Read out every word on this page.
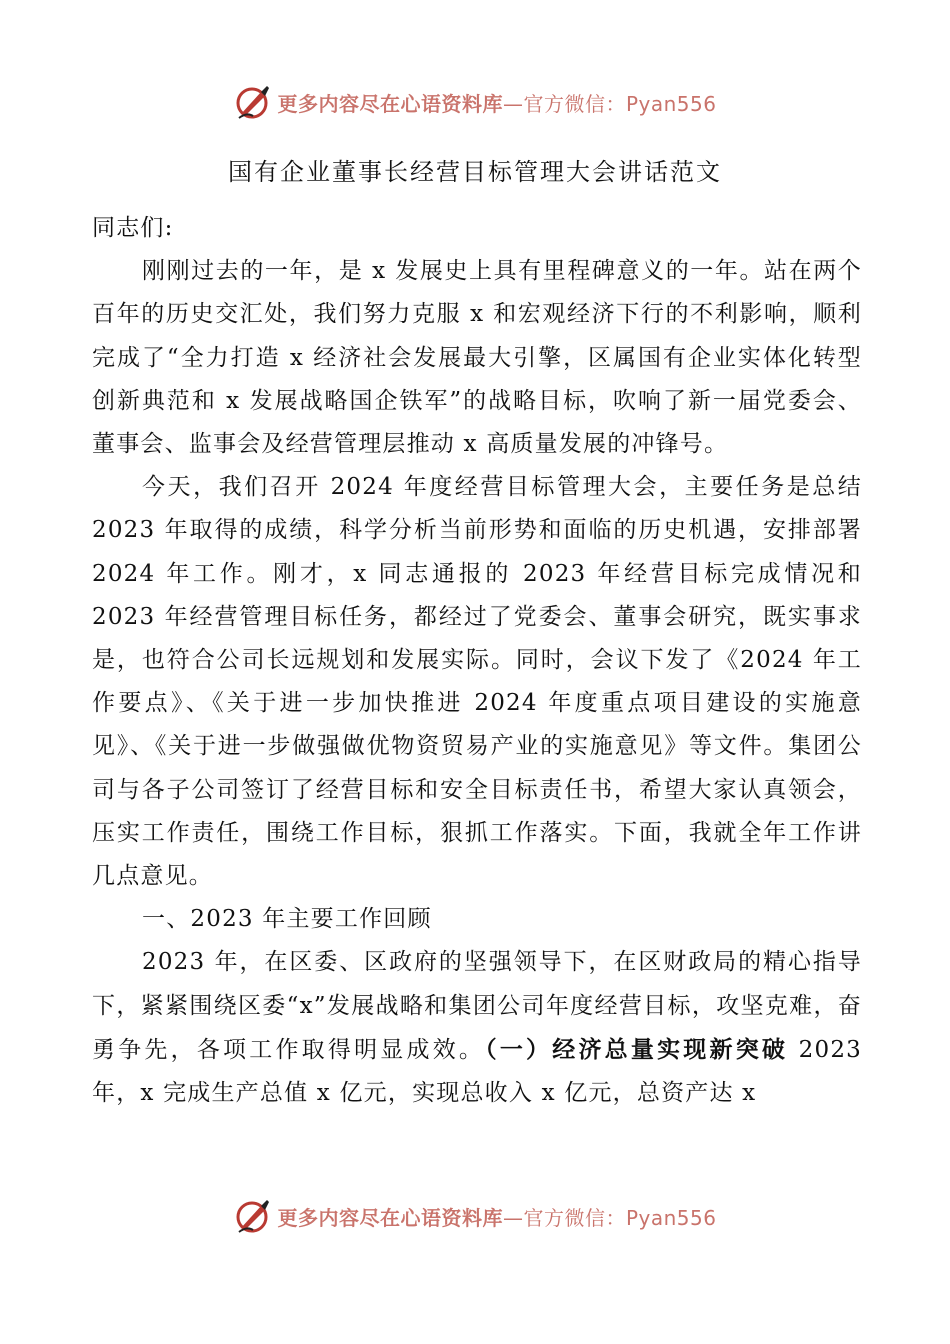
更多内容尽在心语资料库—官方微信：Pyan556
国有企业董事长经营目标管理大会讲话范文

同志们:

刚刚过去的一年，是 x 发展史上具有里程碑意义的一年。站在两个百年的历史交汇处，我们努力克服 x 和宏观经济下行的不利影响，顺利完成了“全力打造 x 经济社会发展最大引擎，区属国有企业实体化转型创新典范和 x 发展战略国企铁军”的战略目标，吹响了新一届党委会、董事会、监事会及经营管理层推动 x 高质量发展的冲锋号。

今天，我们召开 2024 年度经营目标管理大会，主要任务是总结 2023 年取得的成绩，科学分析当前形势和面临的历史机遇，安排部署 2024 年工作。刚才，x 同志通报的 2023 年经营目标完成情况和 2023 年经营管理目标任务，都经过了党委会、董事会研究，既实事求是，也符合公司长远规划和发展实际。同时，会议下发了《2024 年工作要点》、《关于进一步加快推进 2024 年度重点项目建设的实施意见》、《关于进一步做强做优物资贸易产业的实施意见》等文件。集团公司与各子公司签订了经营目标和安全目标责任书，希望大家认真领会，压实工作责任，围绕工作目标，狠抓工作落实。下面，我就全年工作讲几点意见。

一、2023 年主要工作回顾

2023 年，在区委、区政府的坚强领导下，在区财政局的精心指导下，紧紧围绕区委“x”发展战略和集团公司年度经营目标，攻坚克难，奋勇争先，各项工作取得明显成效。（一）经济总量实现新突破 2023 年，x 完成生产总值 x 亿元，实现总收入 x 亿元，总资产达 x

更多内容尽在心语资料库—官方微信：Pyan556
